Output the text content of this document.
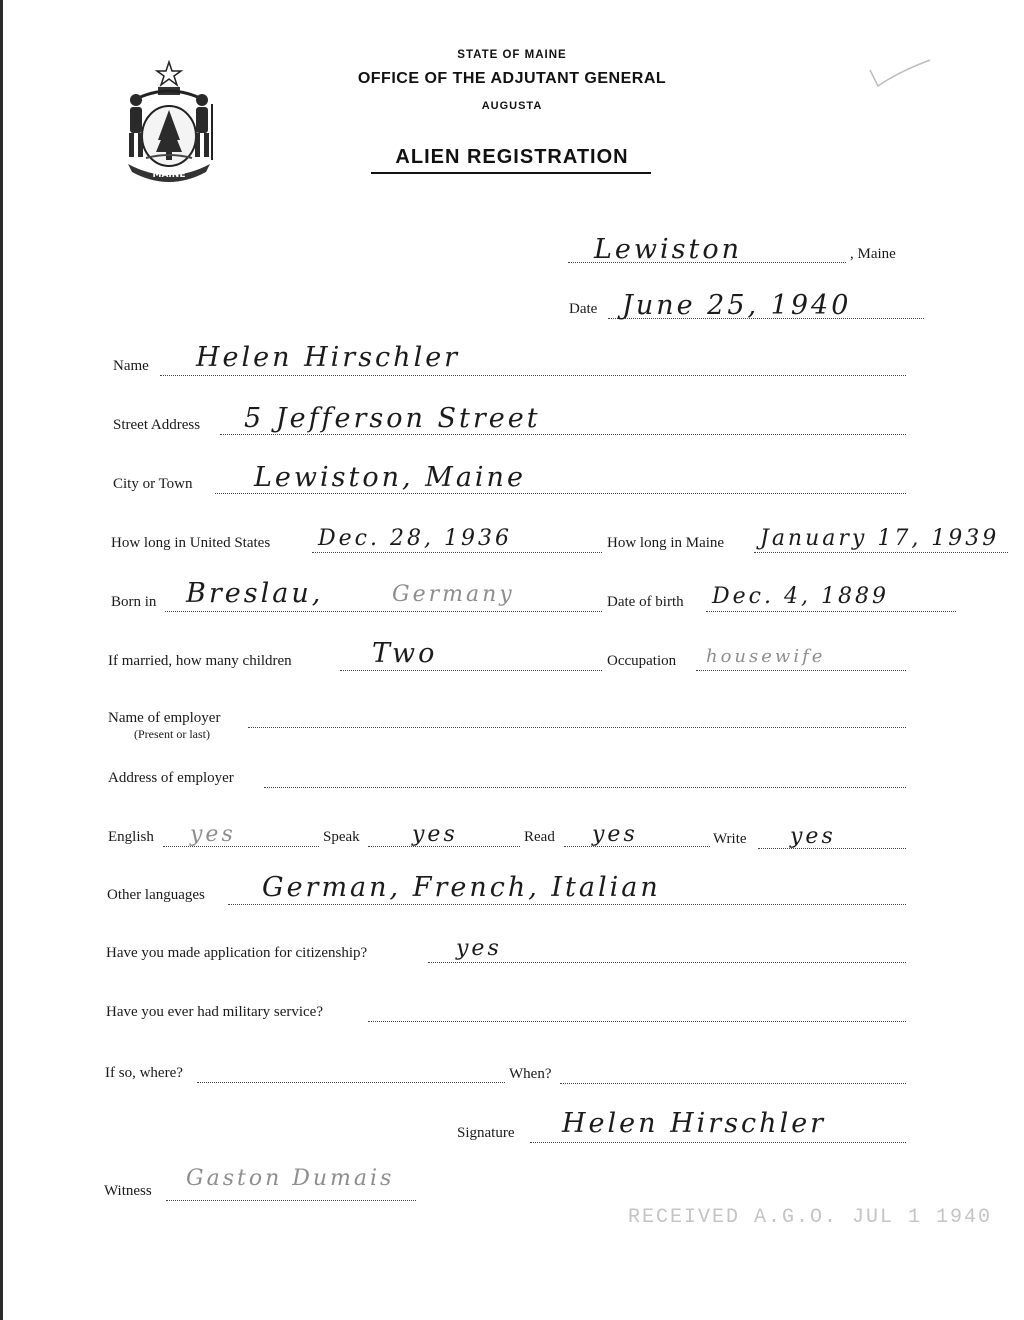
MAINE
STATE OF MAINE
OFFICE OF THE ADJUTANT GENERAL
AUGUSTA
ALIEN REGISTRATION
Lewiston	, Maine
Date June 25, 1940
Name Helen Hirschler
Street Address 5 Jefferson Street
City or Town Lewiston, Maine
How long in United States Dec. 28, 1936	How long in Maine January 17, 1939
Born in Breslau,	Germany	Date of birth Dec. 4, 1889
If married, how many children	Two	Occupation housewife
Name of employer
(Present or last)
Address of employer
English yes	Speak yes	Read yes	Write yes
Other languages German, French, Italian
Have you made application for citizenship?	yes
Have you ever had military service?
If so, where?	When?
Signature Helen Hirschler
Witness Gaston Dumais
RECEIVED A.G.O. JUL 1 1940
